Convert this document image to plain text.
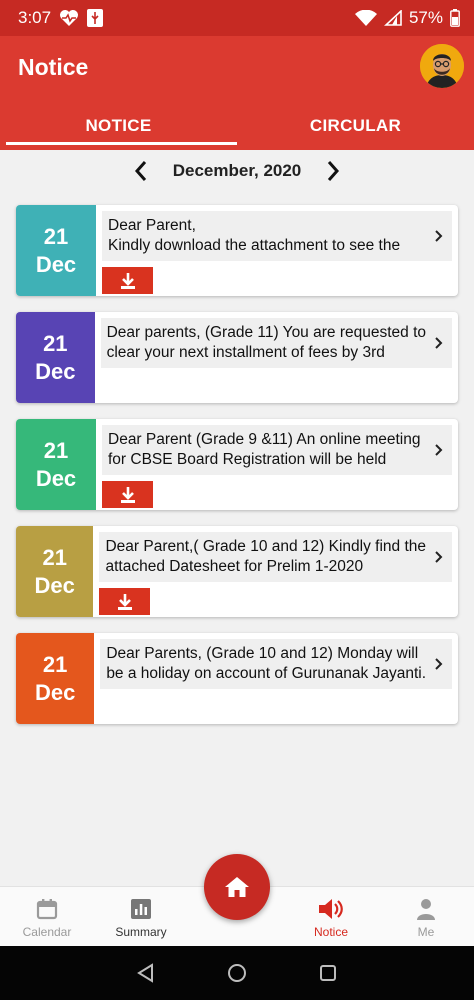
3:07	57%
Notice
NOTICE	CIRCULAR
December, 2020
21
Dec
Dear Parent,
Kindly download the attachment to see the
21
Dec
Dear parents, (Grade 11) You are requested to
clear your next installment of fees by 3rd
21
Dec
Dear Parent (Grade 9 &11) An online meeting
for CBSE Board Registration will be held
21
Dec
Dear Parent,( Grade 10 and 12) Kindly find the
attached Datesheet for Prelim 1-2020
21
Dec
Dear Parents, (Grade 10 and 12) Monday will
be a holiday on account of Gurunanak Jayanti.
Calendar	Summary	Notice	Me
